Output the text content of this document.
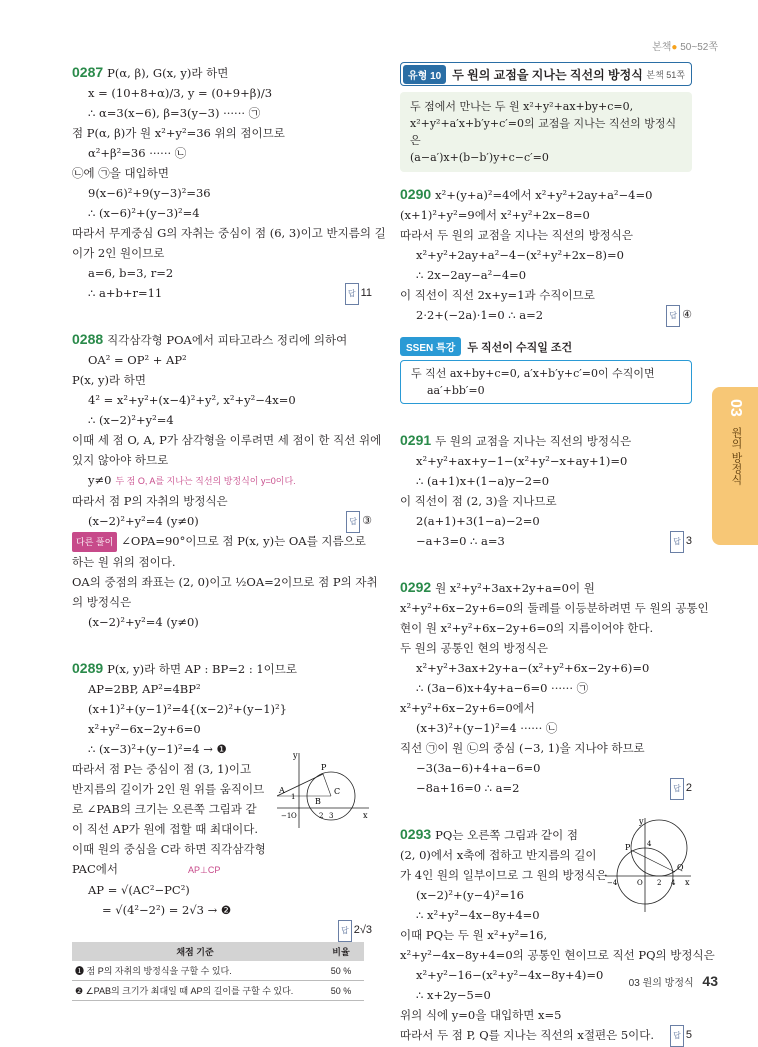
본책● 50~52쪽
0287 P(α, β), G(x, y)라 하면
x = (10+8+α)/3, y = (0+9+β)/3
∴ α=3(x−6), β=3(y−3) ······ ㉠
점 P(α, β)가 원 x²+y²=36 위의 점이므로
α²+β²=36 ······ ㉡
㉡에 ㉠을 대입하면
9(x−6)²+9(y−3)²=36
∴ (x−6)²+(y−3)²=4
따라서 무게중심 G의 자취는 중심이 점 (6, 3)이고 반지름의 길
이가 2인 원이므로
a=6, b=3, r=2
∴ a+b+r=11	답 11
0288 직각삼각형 POA에서 피타고라스 정리에 의하여
OA² = OP² + AP²
P(x, y)라 하면
4² = x²+y²+(x−4)²+y², x²+y²−4x=0
∴ (x−2)²+y²=4
이때 세 점 O, A, P가 삼각형을 이루려면 세 점이 한 직선 위에
있지 않아야 하므로
y≠0 두 점 O, A를 지나는 직선의 방정식이 y=0이다.
따라서 점 P의 자취의 방정식은
(x−2)²+y²=4 (y≠0)	답 ③
다른 풀이 ∠OPA=90°이므로 점 P(x, y)는 OA를 지름으로
하는 원 위의 점이다.
OA의 중점의 좌표는 (2, 0)이고 ½OA=2이므로 점 P의 자취
의 방정식은
(x−2)²+y²=4 (y≠0)
0289 P(x, y)라 하면 AP : BP=2 : 1이므로
AP=2BP, AP²=4BP²
(x+1)²+(y−1)²=4{(x−2)²+(y−1)²}
x²+y²−6x−2y+6=0
∴ (x−3)²+(y−1)²=4 → ❶
따라서 점 P는 중심이 점 (3, 1)이고
반지름의 길이가 2인 원 위를 움직이므
로 ∠PAB의 크기는 오른쪽 그림과 같
이 직선 AP가 원에 접할 때 최대이다.
이때 원의 중심을 C라 하면 직각삼각형
PAC에서	AP⊥CP
AP = √(AC²−PC²)
= √(4²−2²) = 2√3 → ❷
답 2√3
P
A
B
C
−1 O	2 3
1
x
y
채점 기준	비율
❶ 점 P의 자취의 방정식을 구할 수 있다.	50 %
❷ ∠PAB의 크기가 최대일 때 AP의 길이를 구할 수 있다.	50 %
유형 10 두 원의 교점을 지나는 직선의 방정식 본책 51쪽
두 점에서 만나는 두 원 x²+y²+ax+by+c=0,
x²+y²+a′x+b′y+c′=0의 교점을 지나는 직선의 방정식은
(a−a′)x+(b−b′)y+c−c′=0
0290 x²+(y+a)²=4에서 x²+y²+2ay+a²−4=0
(x+1)²+y²=9에서 x²+y²+2x−8=0
따라서 두 원의 교점을 지나는 직선의 방정식은
x²+y²+2ay+a²−4−(x²+y²+2x−8)=0
∴ 2x−2ay−a²−4=0
이 직선이 직선 2x+y=1과 수직이므로
2·2+(−2a)·1=0 ∴ a=2	답 ④
SSEN 특강	두 직선이 수직일 조건
두 직선 ax+by+c=0, a′x+b′y+c′=0이 수직이면
aa′+bb′=0
0291 두 원의 교점을 지나는 직선의 방정식은
x²+y²+ax+y−1−(x²+y²−x+ay+1)=0
∴ (a+1)x+(1−a)y−2=0
이 직선이 점 (2, 3)을 지나므로
2(a+1)+3(1−a)−2=0
−a+3=0 ∴ a=3	답 3
0292 원 x²+y²+3ax+2y+a=0이 원
x²+y²+6x−2y+6=0의 둘레를 이등분하려면 두 원의 공통인
현이 원 x²+y²+6x−2y+6=0의 지름이어야 한다.
두 원의 공통인 현의 방정식은
x²+y²+3ax+2y+a−(x²+y²+6x−2y+6)=0
∴ (3a−6)x+4y+a−6=0 ······ ㉠
x²+y²+6x−2y+6=0에서
(x+3)²+(y−1)²=4 ······ ㉡
직선 ㉠이 원 ㉡의 중심 (−3, 1)을 지나야 하므로
−3(3a−6)+4+a−6=0
−8a+16=0 ∴ a=2	답 2
0293 PQ는 오른쪽 그림과 같이 점
(2, 0)에서 x축에 접하고 반지름의 길이
가 4인 원의 일부이므로 그 원의 방정식은
(x−2)²+(y−4)²=16
∴ x²+y²−4x−8y+4=0
이때 PQ는 두 원 x²+y²=16,
x²+y²−4x−8y+4=0의 공통인 현이므로 직선 PQ의 방정식은
x²+y²−16−(x²+y²−4x−8y+4)=0
∴ x+2y−5=0
위의 식에 y=0을 대입하면 x=5
따라서 두 점 P, Q를 지나는 직선의 x절편은 5이다.	답 5
P
Q
4
−4	O 2 4 x
y
03
원의 방정식
03 원의 방정식 43
